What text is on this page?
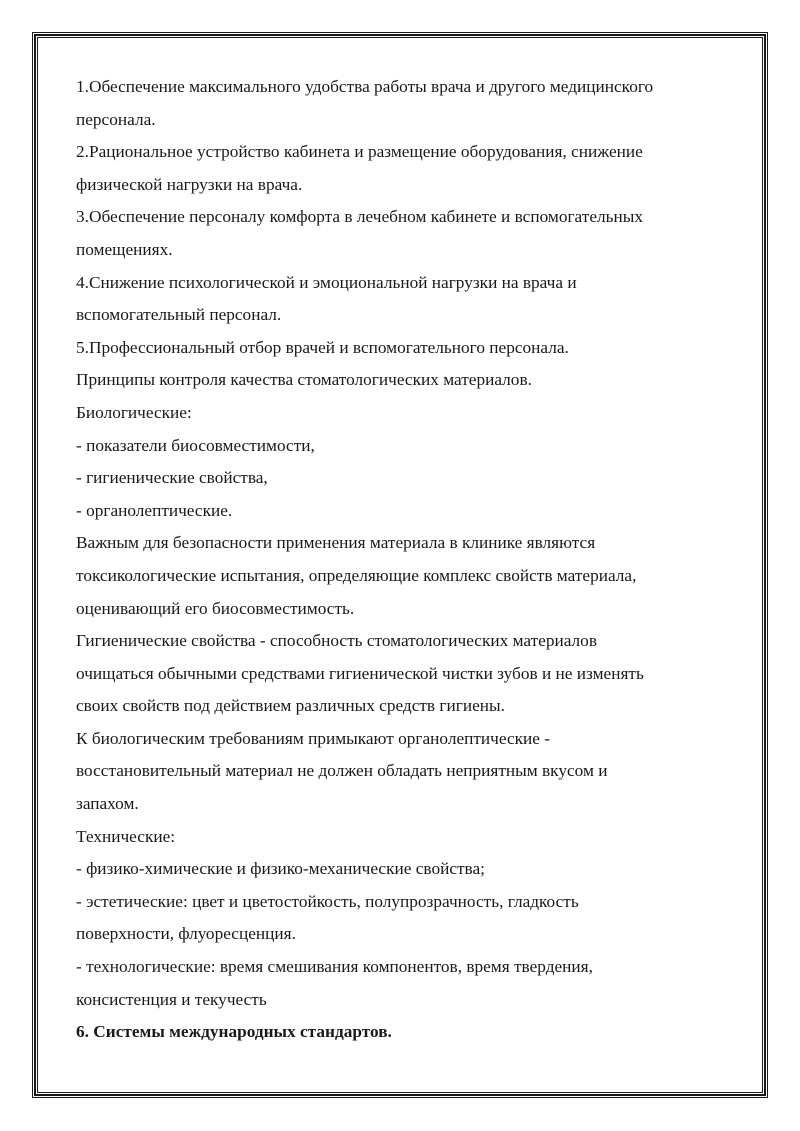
1.Обеспечение максимального удобства работы врача и другого медицинского
персонала.
2.Рациональное устройство кабинета и размещение оборудования, снижение
физической нагрузки на врача.
3.Обеспечение персоналу комфорта в лечебном кабинете и вспомогательных
помещениях.
4.Снижение психологической и эмоциональной нагрузки на врача и
вспомогательный персонал.
5.Профессиональный отбор врачей и вспомогательного персонала.
Принципы контроля качества стоматологических материалов.
Биологические:
- показатели биосовместимости,
- гигиенические свойства,
- органолептические.
Важным для безопасности применения материала в клинике являются
токсикологические испытания, определяющие комплекс свойств материала,
оценивающий его биосовместимость.
Гигиенические свойства - способность стоматологических материалов
очищаться обычными средствами гигиенической чистки зубов и не изменять
своих свойств под действием различных средств гигиены.
К биологическим требованиям примыкают органолептические -
восстановительный материал не должен обладать неприятным вкусом и
запахом.
Технические:
- физико-химические и физико-механические свойства;
- эстетические: цвет и цветостойкость, полупрозрачность, гладкость
поверхности, флуоресценция.
- технологические: время смешивания компонентов, время твердения,
консистенция и текучесть
6. Системы международных стандартов.
